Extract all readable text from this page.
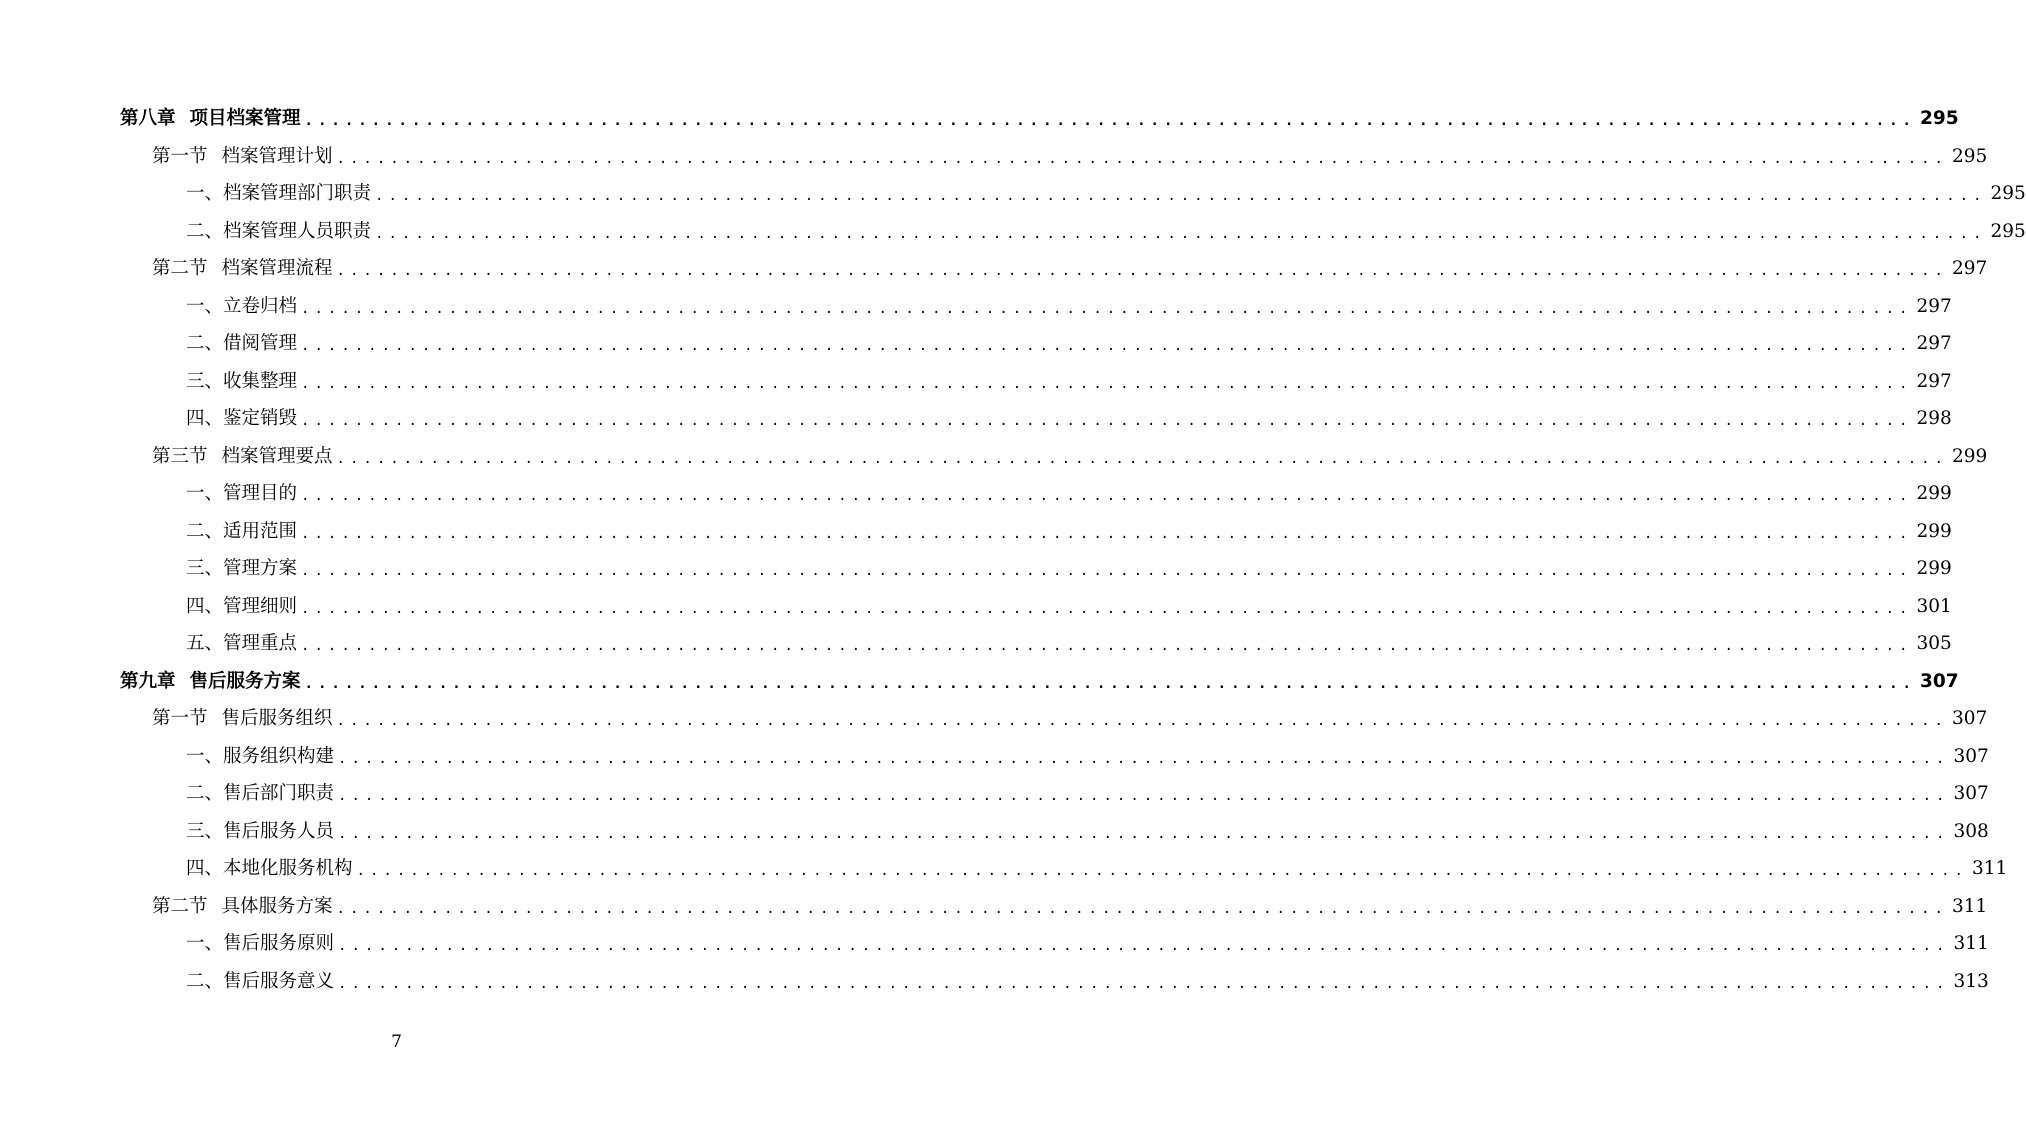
第八章 项目档案管理 ........................................................................................................................ 295
第一节 档案管理计划 ........................................................................................................................ 295
一、 档案管理部门职责 ........................................................................................................................ 295
二、 档案管理人员职责 ........................................................................................................................ 295
第二节 档案管理流程 ........................................................................................................................ 297
一、 立卷归档 ........................................................................................................................ 297
二、 借阅管理 ........................................................................................................................ 297
三、 收集整理 ........................................................................................................................ 297
四、 鉴定销毁 ........................................................................................................................ 298
第三节 档案管理要点 ........................................................................................................................ 299
一、 管理目的 ........................................................................................................................ 299
二、 适用范围 ........................................................................................................................ 299
三、 管理方案 ........................................................................................................................ 299
四、 管理细则 ........................................................................................................................ 301
五、 管理重点 ........................................................................................................................ 305
第九章 售后服务方案 ........................................................................................................................ 307
第一节 售后服务组织 ........................................................................................................................ 307
一、 服务组织构建 ........................................................................................................................ 307
二、 售后部门职责 ........................................................................................................................ 307
三、 售后服务人员 ........................................................................................................................ 308
四、 本地化服务机构 ........................................................................................................................ 311
第二节 具体服务方案 ........................................................................................................................ 311
一、 售后服务原则 ........................................................................................................................ 311
二、 售后服务意义 ........................................................................................................................ 313
7
